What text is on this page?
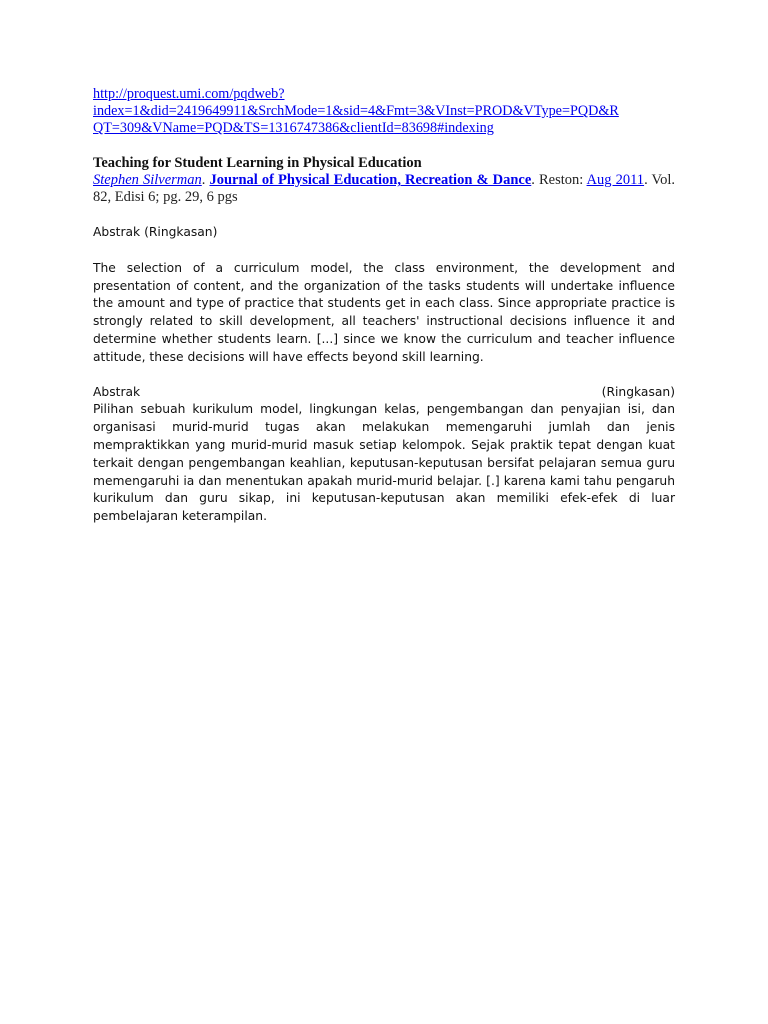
http://proquest.umi.com/pqdweb?
index=1&did=2419649911&SrchMode=1&sid=4&Fmt=3&VInst=PROD&VType=PQD&R
QT=309&VName=PQD&TS=1316747386&clientId=83698#indexing
Teaching for Student Learning in Physical Education
Stephen Silverman. Journal of Physical Education, Recreation & Dance. Reston: Aug 2011. Vol. 82, Edisi 6; pg. 29, 6 pgs
Abstrak (Ringkasan)
The selection of a curriculum model, the class environment, the development and presentation of content, and the organization of the tasks students will undertake influence the amount and type of practice that students get in each class. Since appropriate practice is strongly related to skill development, all teachers' instructional decisions influence it and determine whether students learn. [...] since we know the curriculum and teacher influence attitude, these decisions will have effects beyond skill learning.
Abstrak	(Ringkasan)
Pilihan sebuah kurikulum model, lingkungan kelas, pengembangan dan penyajian isi, dan organisasi murid-murid tugas akan melakukan memengaruhi jumlah dan jenis mempraktikkan yang murid-murid masuk setiap kelompok. Sejak praktik tepat dengan kuat terkait dengan pengembangan keahlian, keputusan-keputusan bersifat pelajaran semua guru memengaruhi ia dan menentukan apakah murid-murid belajar. [.] karena kami tahu pengaruh kurikulum dan guru sikap, ini keputusan-keputusan akan memiliki efek-efek di luar pembelajaran keterampilan.
